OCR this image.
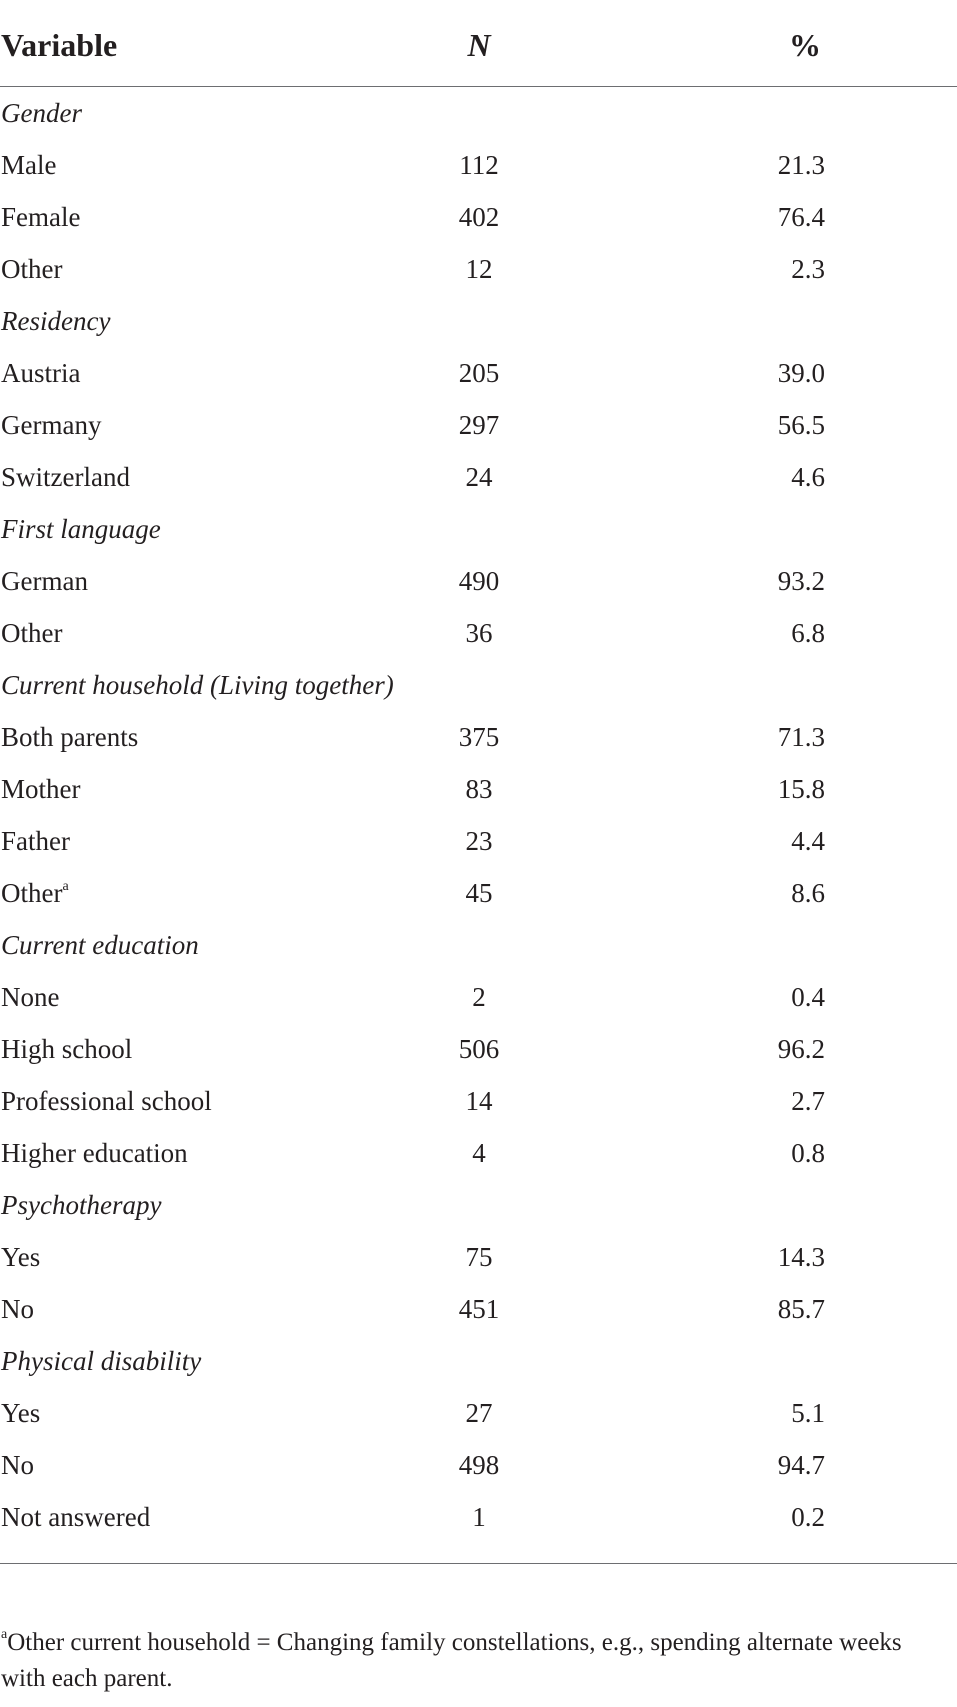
Variable	N	%
Gender
Male	112	21.3
Female	402	76.4
Other	12	2.3
Residency
Austria	205	39.0
Germany	297	56.5
Switzerland	24	4.6
First language
German	490	93.2
Other	36	6.8
Current household (Living together)
Both parents	375	71.3
Mother	83	15.8
Father	23	4.4
Other$^a$	45	8.6
Current education
None	2	0.4
High school	506	96.2
Professional school	14	2.7
Higher education	4	0.8
Psychotherapy
Yes	75	14.3
No	451	85.7
Physical disability
Yes	27	5.1
No	498	94.7
Not answered	1	0.2
$^a$Other current household = Changing family constellations, e.g., spending alternate weeks with each parent.
